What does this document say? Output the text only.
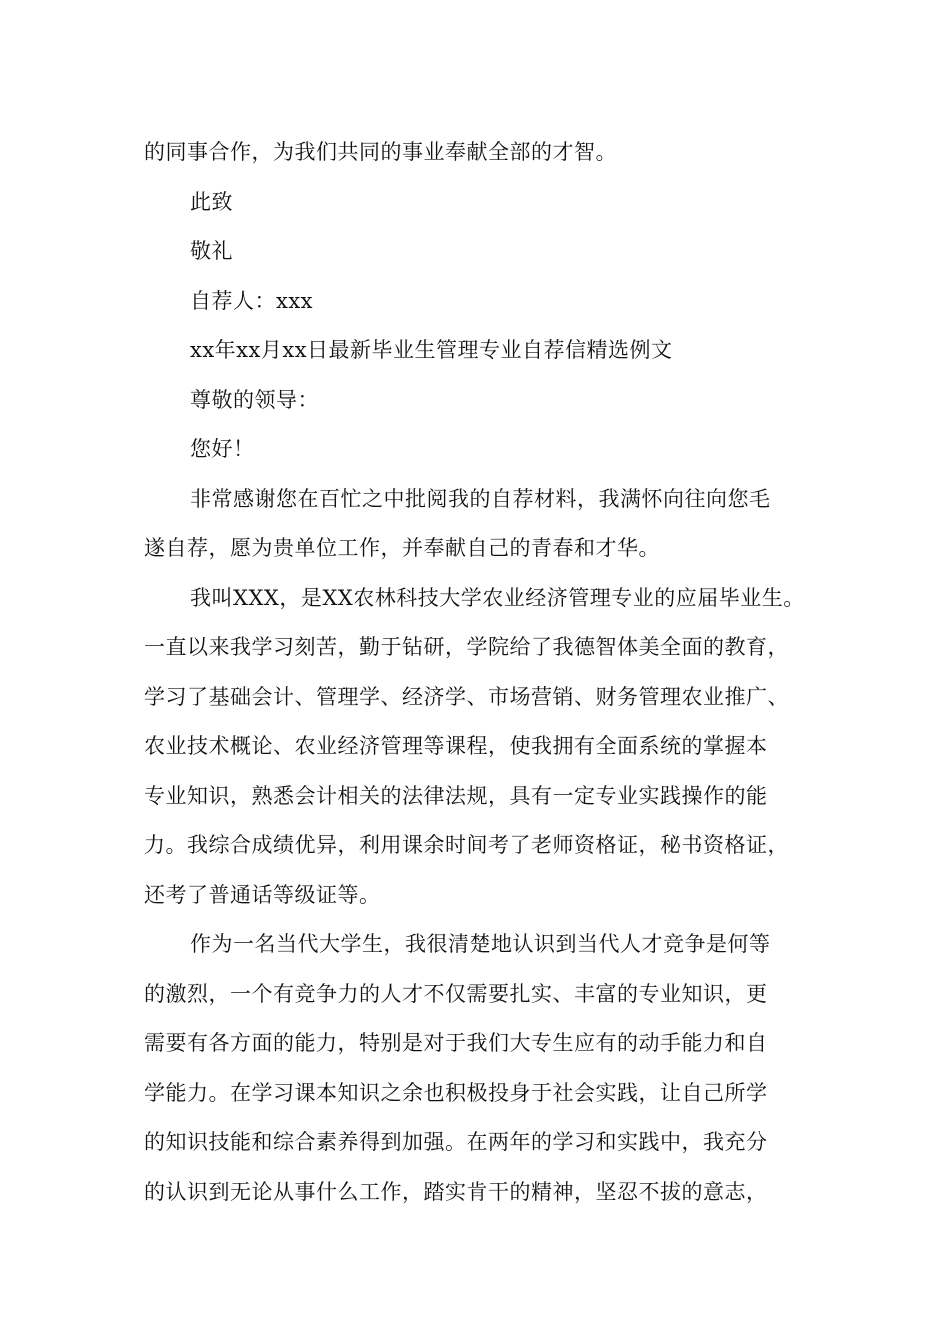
的同事合作，为我们共同的事业奉献全部的才智。
此致
敬礼
自荐人：xxx
xx年xx月xx日最新毕业生管理专业自荐信精选例文
尊敬的领导：
您好！
非常感谢您在百忙之中批阅我的自荐材料，我满怀向往向您毛
遂自荐，愿为贵单位工作，并奉献自己的青春和才华。
我叫XXX，是XX农林科技大学农业经济管理专业的应届毕业生。
一直以来我学习刻苦，勤于钻研，学院给了我德智体美全面的教育，
学习了基础会计、管理学、经济学、市场营销、财务管理农业推广、
农业技术概论、农业经济管理等课程，使我拥有全面系统的掌握本
专业知识，熟悉会计相关的法律法规，具有一定专业实践操作的能
力。我综合成绩优异，利用课余时间考了老师资格证，秘书资格证，
还考了普通话等级证等。
作为一名当代大学生，我很清楚地认识到当代人才竞争是何等
的激烈，一个有竞争力的人才不仅需要扎实、丰富的专业知识，更
需要有各方面的能力，特别是对于我们大专生应有的动手能力和自
学能力。在学习课本知识之余也积极投身于社会实践，让自己所学
的知识技能和综合素养得到加强。在两年的学习和实践中，我充分
的认识到无论从事什么工作，踏实肯干的精神，坚忍不拔的意志，
